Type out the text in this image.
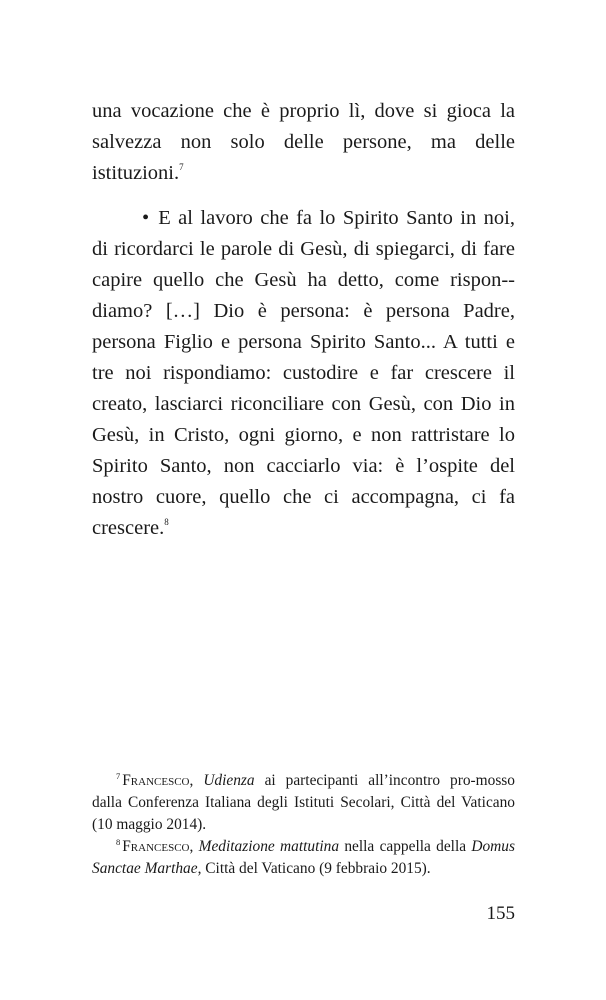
una vocazione che è proprio lì, dove si gioca la salvezza non solo delle persone, ma delle istituzioni.$^7$

• E al lavoro che fa lo Spirito Santo in noi, di ricordarci le parole di Gesù, di spiegarci, di fare capire quello che Gesù ha detto, come rispon-diamo? […] Dio è persona: è persona Padre, persona Figlio e persona Spirito Santo... A tutti e tre noi rispondiamo: custodire e far crescere il creato, lasciarci riconciliare con Gesù, con Dio in Gesù, in Cristo, ogni giorno, e non rattristare lo Spirito Santo, non cacciarlo via: è l’ospite del nostro cuore, quello che ci accompagna, ci fa crescere.$^8$

$^7$ Francesco, Udienza ai partecipanti all’incontro pro-mosso dalla Conferenza Italiana degli Istituti Secolari, Città del Vaticano (10 maggio 2014).

$^8$ Francesco, Meditazione mattutina nella cappella della Domus Sanctae Marthae, Città del Vaticano (9 febbraio 2015).

155
